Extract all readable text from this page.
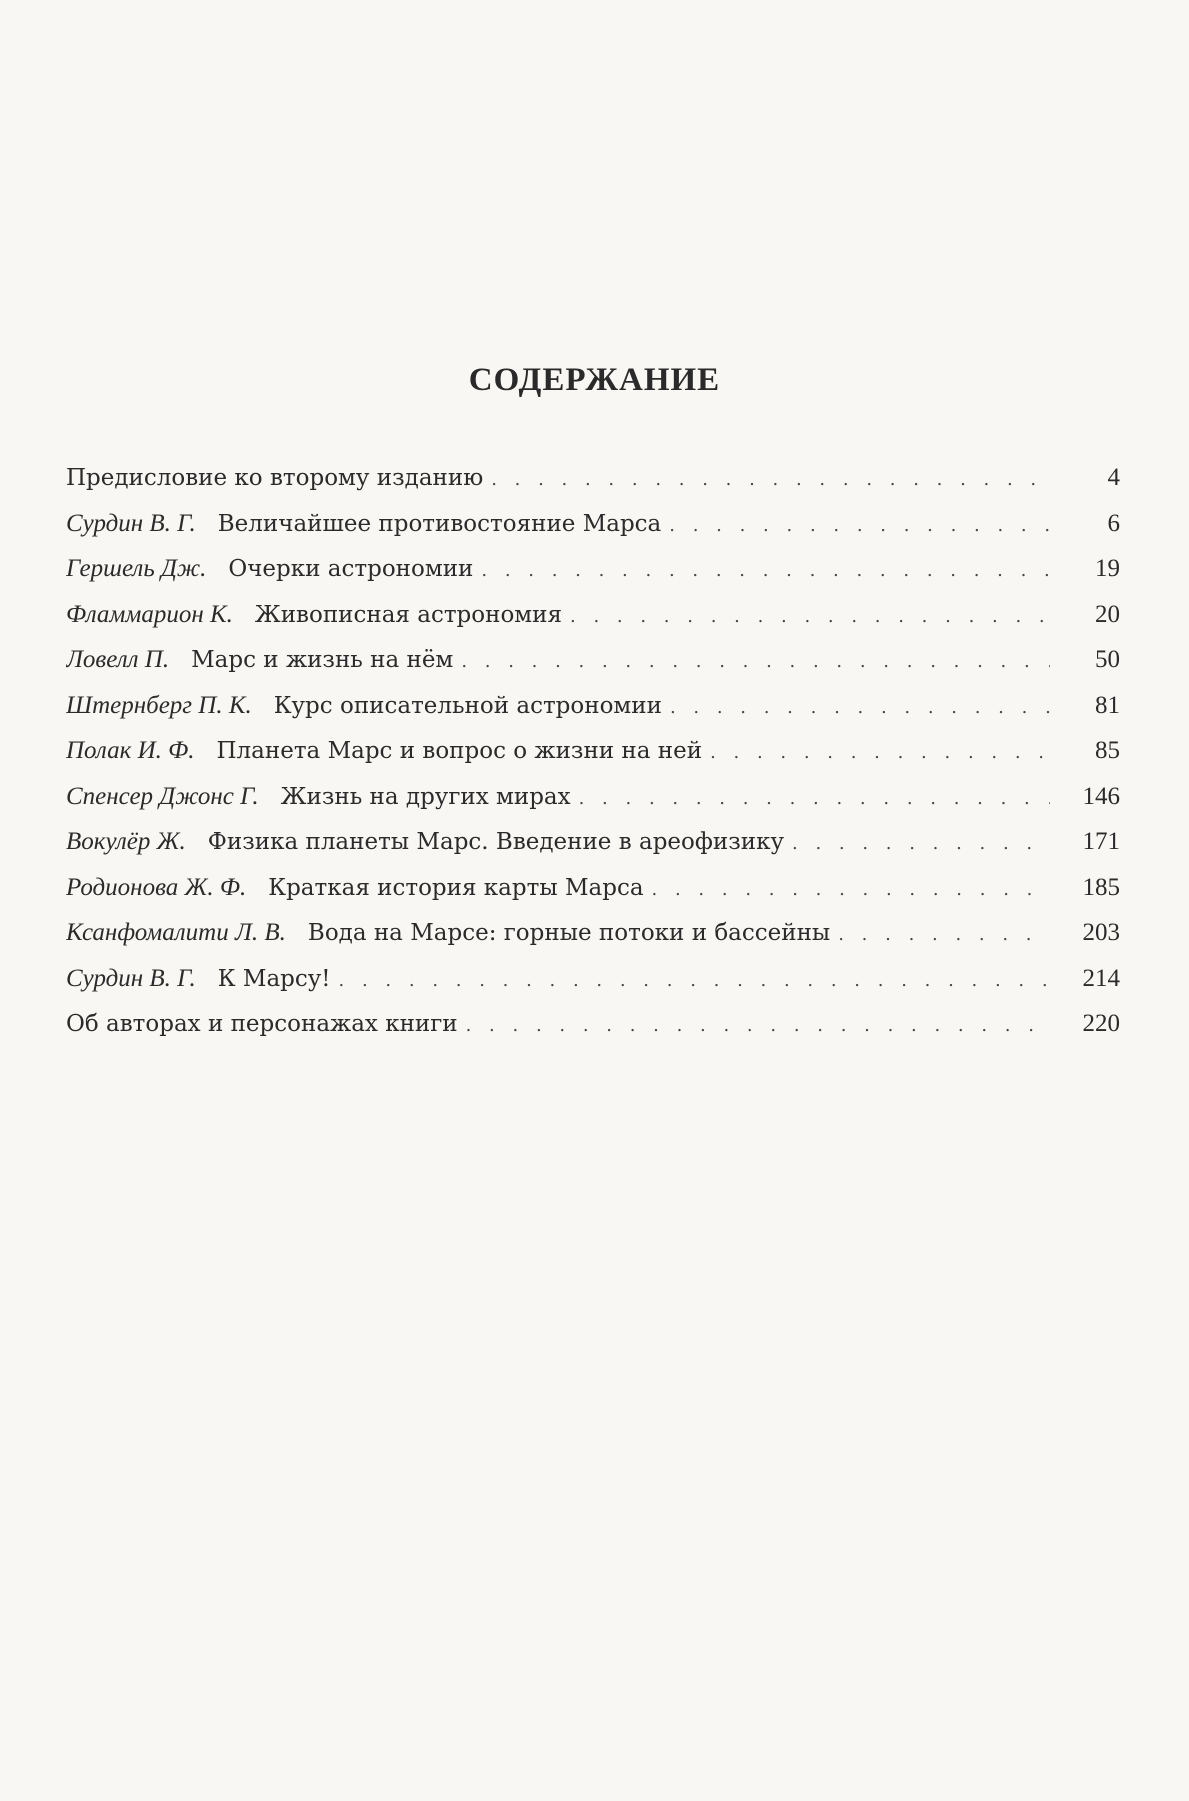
СОДЕРЖАНИЕ
Предисловие ко второму изданию . . .	4
Сурдин В. Г. Величайшее противостояние Марса . . .	6
Гершель Дж. Очерки астрономии . . .	19
Фламмарион К. Живописная астрономия . . .	20
Ловелл П. Марс и жизнь на нём . . .	50
Штернберг П. К. Курс описательной астрономии . . .	81
Полак И. Ф. Планета Марс и вопрос о жизни на ней . . .	85
Спенсер Джонс Г. Жизнь на других мирах . . .	146
Вокулёр Ж. Физика планеты Марс. Введение в ареофизику . . .	171
Родионова Ж. Ф. Краткая история карты Марса . . .	185
Ксанфомалити Л. В. Вода на Марсе: горные потоки и бассейны . . .	203
Сурдин В. Г. К Марсу! . . .	214
Об авторах и персонажах книги . . .	220
